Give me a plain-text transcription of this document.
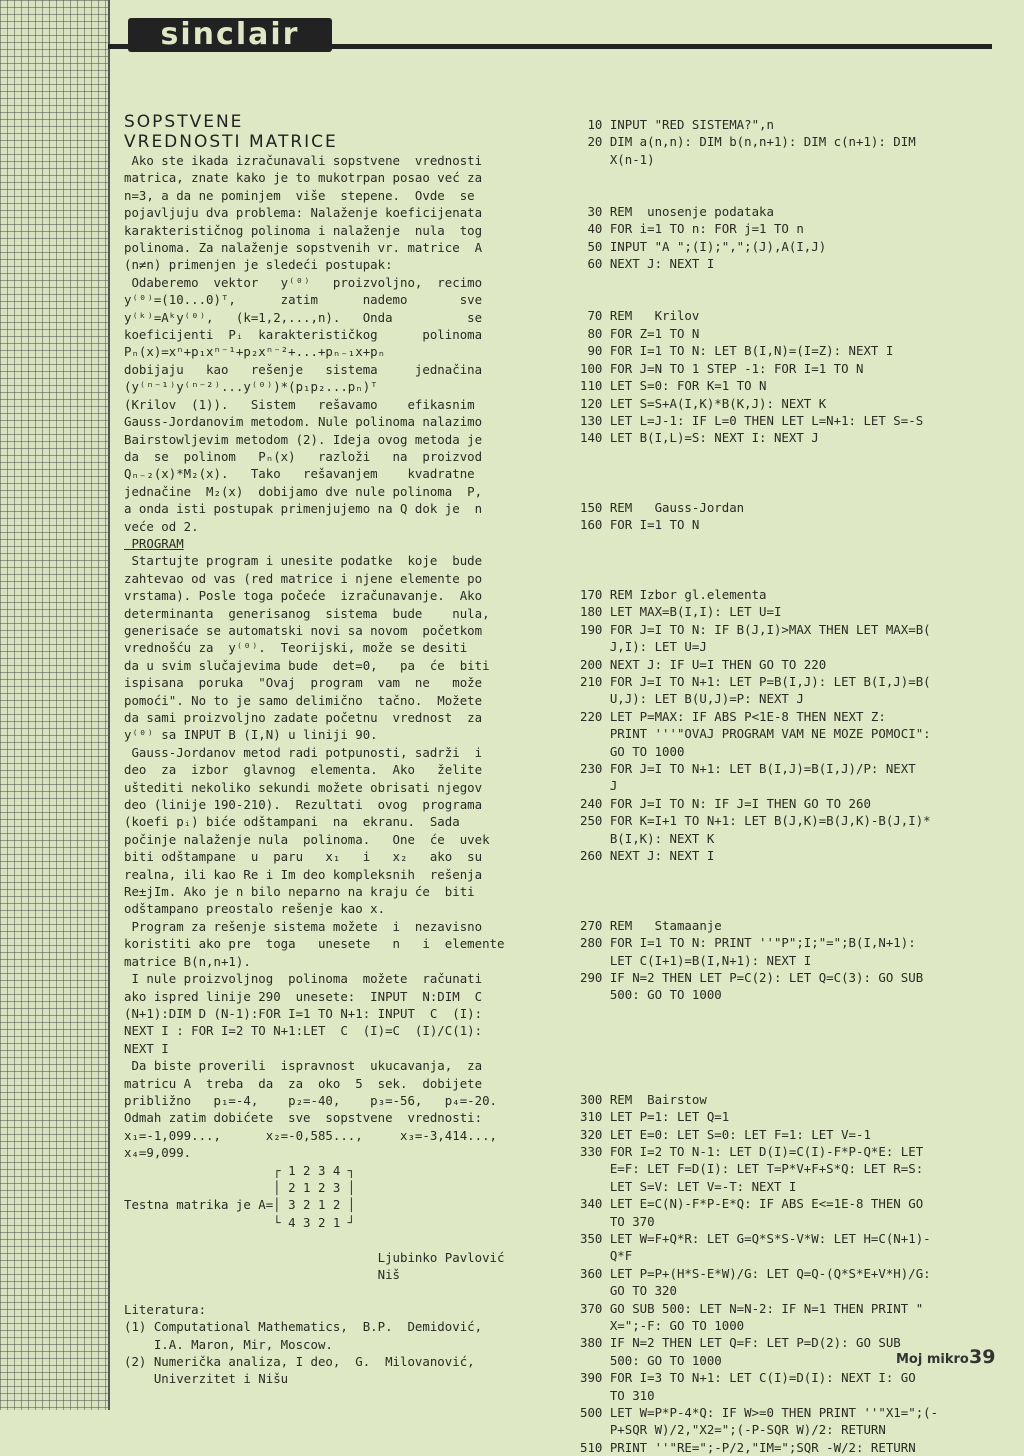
sinclair
SOPSTVENE
VREDNOSTI MATRICE
Ako ste ikada izračunavali sopstvene  vrednosti
matrica, znate kako je to mukotrpan posao već za
n=3, a da ne pominjem  više  stepene.  Ovde  se
pojavljuju dva problema: Nalaženje koeficijenata
karakterističnog polinoma i nalaženje  nula  tog
polinoma. Za nalaženje sopstvenih vr. matrice  A
(n≠n) primenjen je sledeći postupak:
Odaberemo  vektor   y⁽⁰⁾   proizvoljno,  recimo
y⁽⁰⁾=(10...0)ᵀ,      zatim      nademo       sve
y⁽ᵏ⁾=Aᵏy⁽⁰⁾,   (k=1,2,...,n).   Onda          se
koeficijenti  Pᵢ  karakterističkog      polinoma
Pₙ(x)=xⁿ+p₁xⁿ⁻¹+p₂xⁿ⁻²+...+pₙ₋₁x+pₙ
dobijaju   kao   rešenje   sistema     jednačina
(y⁽ⁿ⁻¹⁾y⁽ⁿ⁻²⁾...y⁽⁰⁾)*(p₁p₂...pₙ)ᵀ
(Krilov  (1)).   Sistem   rešavamo    efikasnim
Gauss-Jordanovim metodom. Nule polinoma nalazimo
Bairstowljevim metodom (2). Ideja ovog metoda je
da  se  polinom   Pₙ(x)   razloži   na  proizvod
Qₙ₋₂(x)*M₂(x).   Tako   rešavanjem    kvadratne
jednačine  M₂(x)  dobijamo dve nule polinoma  P,
a onda isti postupak primenjujemo na Q dok je  n
veće od 2.
PROGRAM
Startujte program i unesite podatke  koje  bude
zahtevao od vas (red matrice i njene elemente po
vrstama). Posle toga počeće  izračunavanje.  Ako
determinanta  generisanog  sistema  bude    nula,
generisaće se automatski novi sa novom  početkom
vrednošću za  y⁽⁰⁾.  Teorijski, može se desiti
da u svim slučajevima bude  det=0,   pa  će  biti
ispisana  poruka  "Ovaj  program  vam  ne   može
pomoći". No to je samo delimično  tačno.  Možete
da sami proizvoljno zadate početnu  vrednost  za
y⁽⁰⁾ sa INPUT B (I,N) u liniji 90.
Gauss-Jordanov metod radi potpunosti, sadrži  i
deo  za  izbor  glavnog  elementa.  Ako   želite
uštediti nekoliko sekundi možete obrisati njegov
deo (linije 190-210).  Rezultati  ovog  programa
(koefi pᵢ) biće odštampani  na  ekranu.  Sada
počinje nalaženje nula  polinoma.   One  će  uvek
biti odštampane  u  paru   x₁   i   x₂   ako  su
realna, ili kao Re i Im deo kompleksnih  rešenja
Re±jIm. Ako je n bilo neparno na kraju će  biti
odštampano preostalo rešenje kao x.
Program za rešenje sistema možete  i  nezavisno
koristiti ako pre  toga   unesete   n   i  elemente
matrice B(n,n+1).
I nule proizvoljnog  polinoma  možete  računati
ako ispred linije 290  unesete:  INPUT  N:DIM  C
(N+1):DIM D (N-1):FOR I=1 TO N+1: INPUT  C  (I):
NEXT I : FOR I=2 TO N+1:LET  C  (I)=C  (I)/C(1):
NEXT I
Da biste proverili  ispravnost  ukucavanja,  za
matricu A  treba  da  za  oko  5  sek.  dobijete
približno   p₁=-4,    p₂=-40,    p₃=-56,   p₄=-20.
Odmah zatim dobićete  sve  sopstvene  vrednosti:
x₁=-1,099...,      x₂=-0,585...,     x₃=-3,414...,
x₄=9,099.
┌ 1 2 3 4 ┐
│ 2 1 2 3 │
Testna matrika je A=│ 3 2 1 2 │
└ 4 3 2 1 ┘
Ljubinko Pavlović
Niš
Literatura:
(1) Computational Mathematics,  B.P.  Demidović,
I.A. Maron, Mir, Moscow.
(2) Numerička analiza, I deo,  G.  Milovanović,
Univerzitet i Nišu
10 INPUT "RED SISTEMA?",n
20 DIM a(n,n): DIM b(n,n+1): DIM c(n+1): DIM
X(n-1)
30 REM  unosenje podataka
40 FOR i=1 TO n: FOR j=1 TO n
50 INPUT "A ";(I);",";(J),A(I,J)
60 NEXT J: NEXT I
70 REM   Krilov
80 FOR Z=1 TO N
90 FOR I=1 TO N: LET B(I,N)=(I=Z): NEXT I
100 FOR J=N TO 1 STEP -1: FOR I=1 TO N
110 LET S=0: FOR K=1 TO N
120 LET S=S+A(I,K)*B(K,J): NEXT K
130 LET L=J-1: IF L=0 THEN LET L=N+1: LET S=-S
140 LET B(I,L)=S: NEXT I: NEXT J
150 REM   Gauss-Jordan
160 FOR I=1 TO N
170 REM Izbor gl.elementa
180 LET MAX=B(I,I): LET U=I
190 FOR J=I TO N: IF B(J,I)>MAX THEN LET MAX=B(
J,I): LET U=J
200 NEXT J: IF U=I THEN GO TO 220
210 FOR J=I TO N+1: LET P=B(I,J): LET B(I,J)=B(
U,J): LET B(U,J)=P: NEXT J
220 LET P=MAX: IF ABS P<1E-8 THEN NEXT Z:
PRINT '''"OVAJ PROGRAM VAM NE MOZE POMOCI":
GO TO 1000
230 FOR J=I TO N+1: LET B(I,J)=B(I,J)/P: NEXT
J
240 FOR J=I TO N: IF J=I THEN GO TO 260
250 FOR K=I+1 TO N+1: LET B(J,K)=B(J,K)-B(J,I)*
B(I,K): NEXT K
260 NEXT J: NEXT I
270 REM   Stamaanje
280 FOR I=1 TO N: PRINT ''"P";I;"=";B(I,N+1):
LET C(I+1)=B(I,N+1): NEXT I
290 IF N=2 THEN LET P=C(2): LET Q=C(3): GO SUB
500: GO TO 1000
300 REM  Bairstow
310 LET P=1: LET Q=1
320 LET E=0: LET S=0: LET F=1: LET V=-1
330 FOR I=2 TO N-1: LET D(I)=C(I)-F*P-Q*E: LET
E=F: LET F=D(I): LET T=P*V+F+S*Q: LET R=S:
LET S=V: LET V=-T: NEXT I
340 LET E=C(N)-F*P-E*Q: IF ABS E<=1E-8 THEN GO
TO 370
350 LET W=F+Q*R: LET G=Q*S*S-V*W: LET H=C(N+1)-
Q*F
360 LET P=P+(H*S-E*W)/G: LET Q=Q-(Q*S*E+V*H)/G:
GO TO 320
370 GO SUB 500: LET N=N-2: IF N=1 THEN PRINT "
X=";-F: GO TO 1000
380 IF N=2 THEN LET Q=F: LET P=D(2): GO SUB
500: GO TO 1000
390 FOR I=3 TO N+1: LET C(I)=D(I): NEXT I: GO
TO 310
500 LET W=P*P-4*Q: IF W>=0 THEN PRINT ''"X1=";(-
P+SQR W)/2,"X2=";(-P-SQR W)/2: RETURN
510 PRINT ''"RE=";-P/2,"IM=";SQR -W/2: RETURN
Moj mikro 39
